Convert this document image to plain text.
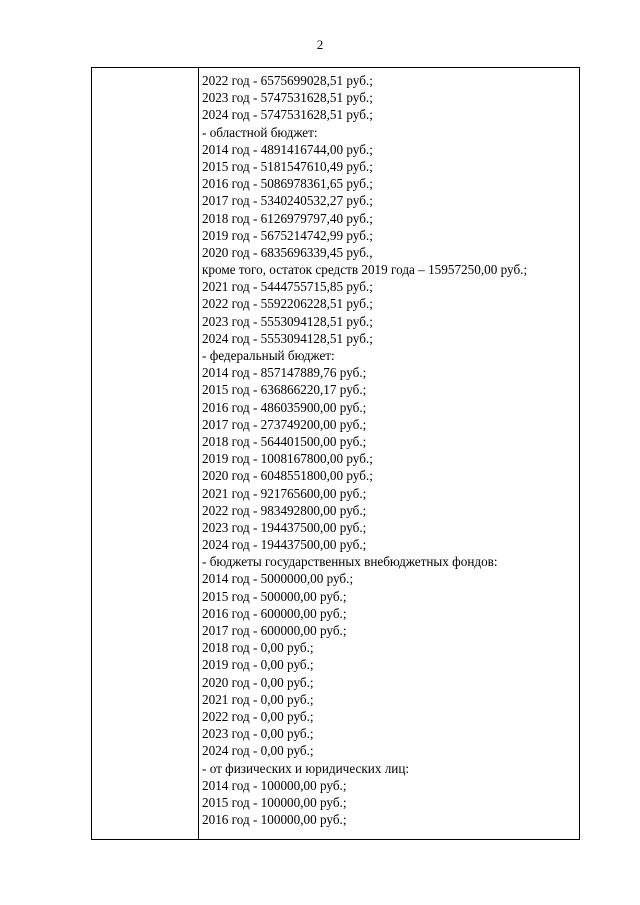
2
2022 год - 6575699028,51 руб.;
2023 год - 5747531628,51 руб.;
2024 год - 5747531628,51 руб.;
- областной бюджет:
2014 год - 4891416744,00 руб.;
2015 год - 5181547610,49 руб.;
2016 год - 5086978361,65 руб.;
2017 год - 5340240532,27 руб.;
2018 год - 6126979797,40 руб.;
2019 год - 5675214742,99 руб.;
2020 год - 6835696339,45 руб.,
кроме того, остаток средств 2019 года – 15957250,00 руб.;
2021 год - 5444755715,85 руб.;
2022 год - 5592206228,51 руб.;
2023 год - 5553094128,51 руб.;
2024 год - 5553094128,51 руб.;
- федеральный бюджет:
2014 год - 857147889,76 руб.;
2015 год - 636866220,17 руб.;
2016 год - 486035900,00 руб.;
2017 год - 273749200,00 руб.;
2018 год - 564401500,00 руб.;
2019 год - 1008167800,00 руб.;
2020 год - 6048551800,00 руб.;
2021 год - 921765600,00 руб.;
2022 год - 983492800,00 руб.;
2023 год - 194437500,00 руб.;
2024 год - 194437500,00 руб.;
- бюджеты государственных внебюджетных фондов:
2014 год - 5000000,00 руб.;
2015 год - 500000,00 руб.;
2016 год - 600000,00 руб.;
2017 год - 600000,00 руб.;
2018 год - 0,00 руб.;
2019 год - 0,00 руб.;
2020 год - 0,00 руб.;
2021 год - 0,00 руб.;
2022 год - 0,00 руб.;
2023 год - 0,00 руб.;
2024 год - 0,00 руб.;
- от физических и юридических лиц:
2014 год - 100000,00 руб.;
2015 год - 100000,00 руб.;
2016 год - 100000,00 руб.;
